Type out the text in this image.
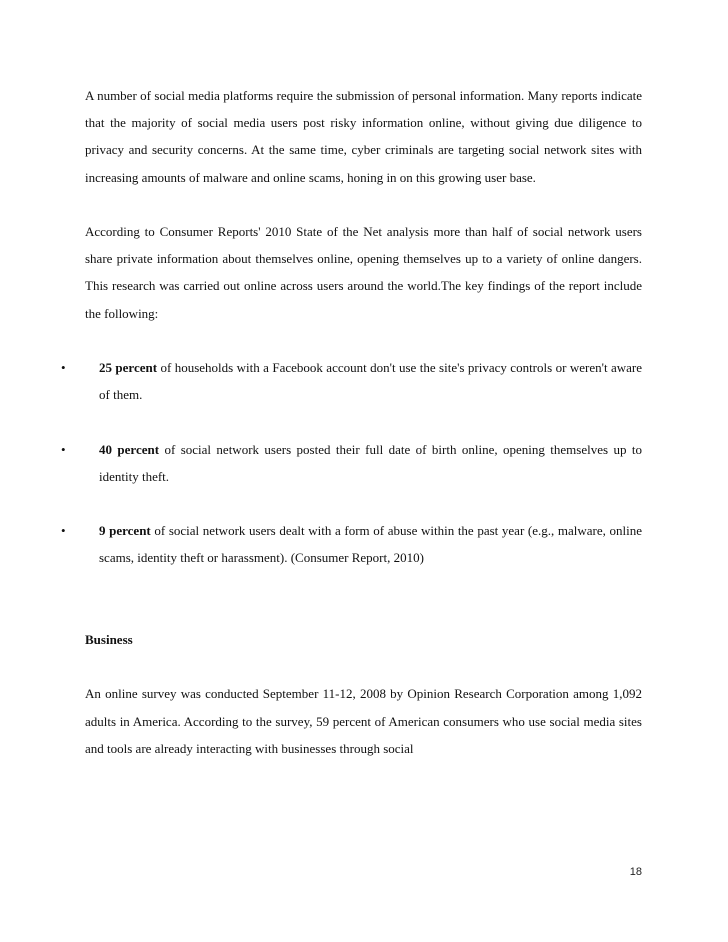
A number of social media platforms require the submission of personal information. Many reports indicate that the majority of social media users post risky information online, without giving due diligence to privacy and security concerns. At the same time, cyber criminals are targeting social network sites with increasing amounts of malware and online scams, honing in on this growing user base.

According to Consumer Reports' 2010 State of the Net analysis more than half of social network users share private information about themselves online, opening themselves up to a variety of online dangers. This research was carried out online across users around the world.The key findings of the report include the following:

•	25 percent of households with a Facebook account don't use the site's privacy controls or weren't aware of them.
•	40 percent of social network users posted their full date of birth online, opening themselves up to identity theft.
•	9 percent of social network users dealt with a form of abuse within the past year (e.g., malware, online scams, identity theft or harassment). (Consumer Report, 2010)

Business

An online survey was conducted September 11-12, 2008 by Opinion Research Corporation among 1,092 adults in America. According to the survey, 59 percent of American consumers who use social media sites and tools are already interacting with businesses through social

18
